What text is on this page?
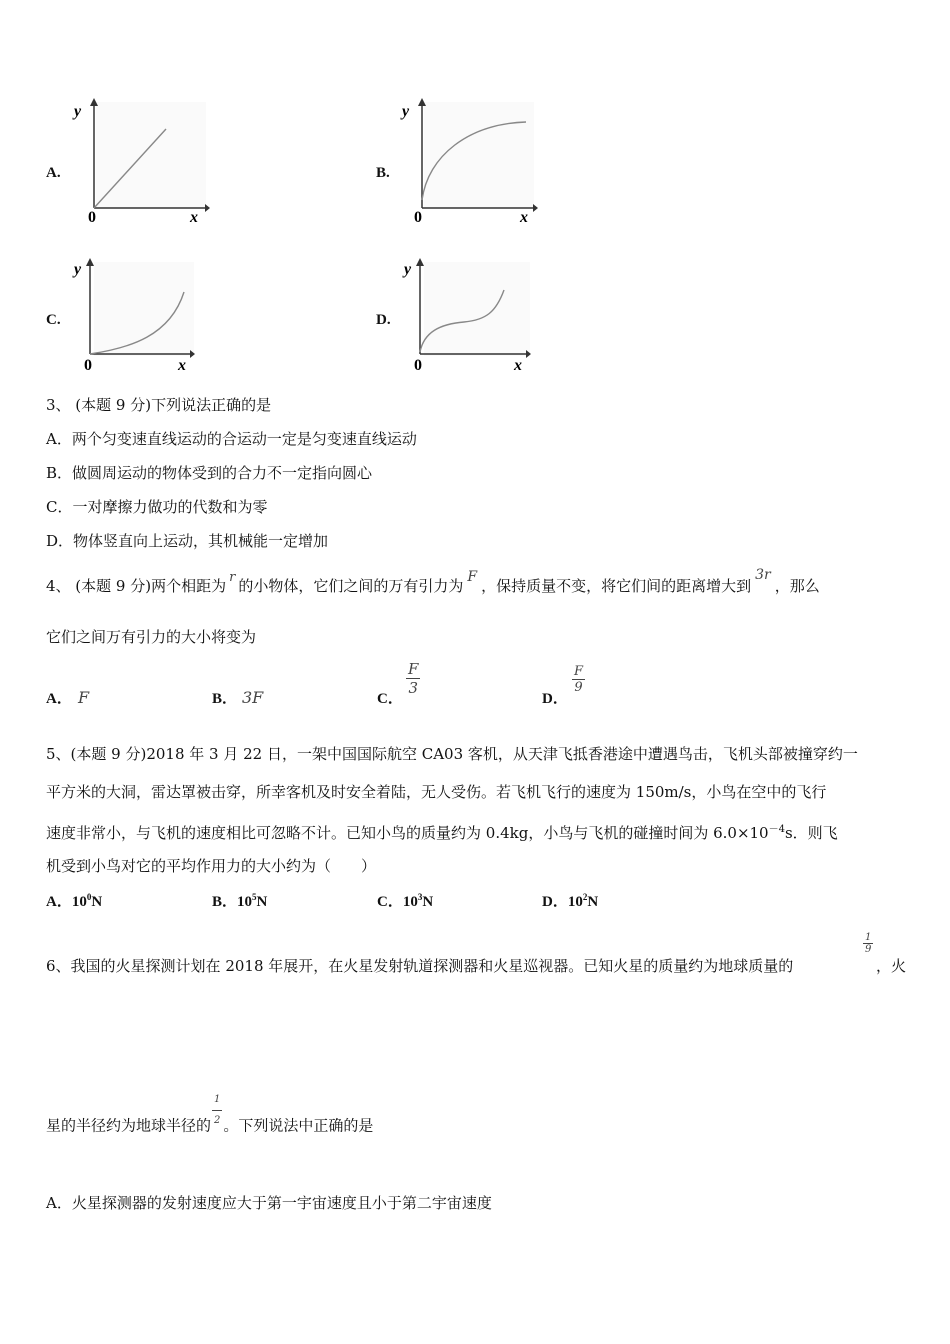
A.
y
0	x
B.
y
0	x
C.
y
0	x
D.
y
0	x
3、 (本题 9 分)下列说法正确的是
A．两个匀变速直线运动的合运动一定是匀变速直线运动
B．做圆周运动的物体受到的合力不一定指向圆心
C．一对摩擦力做功的代数和为零
D．物体竖直向上运动，其机械能一定增加
4、 (本题 9 分)两个相距为 r 的小物体，它们之间的万有引力为 F ，保持质量不变，将它们间的距离增大到3r，那么
它们之间万有引力的大小将变为
A． F	B． 3F	C．
$\frac{F}{3}$
D．
$\frac{F}{9}$
5、(本题 9 分)2018 年 3 月 22 日，一架中国国际航空 CA03 客机，从天津飞抵香港途中遭遇鸟击，飞机头部被撞穿约一
平方米的大洞，雷达罩被击穿，所幸客机及时安全着陆，无人受伤。若飞机飞行的速度为 150m/s，小鸟在空中的飞行
速度非常小，与飞机的速度相比可忽略不计。已知小鸟的质量约为 0.4kg，小鸟与飞机的碰撞时间为 $6.0\times 10^{-4}s$．则飞
机受到小鸟对它的平均作用力的大小约为（　　）
A．$10^0N$	B．$10^5N$	C．$10^3N$	D．$10^2N$
6、我国的火星探测计划在 2018 年展开，在火星发射轨道探测器和火星巡视器。已知火星的质量约为地球质量的
$\frac{1}{9}$
，火
星的半径约为地球半径的 $\frac{1}{2}$ 。下列说法中正确的是
A．火星探测器的发射速度应大于第一宇宙速度且小于第二宇宙速度
